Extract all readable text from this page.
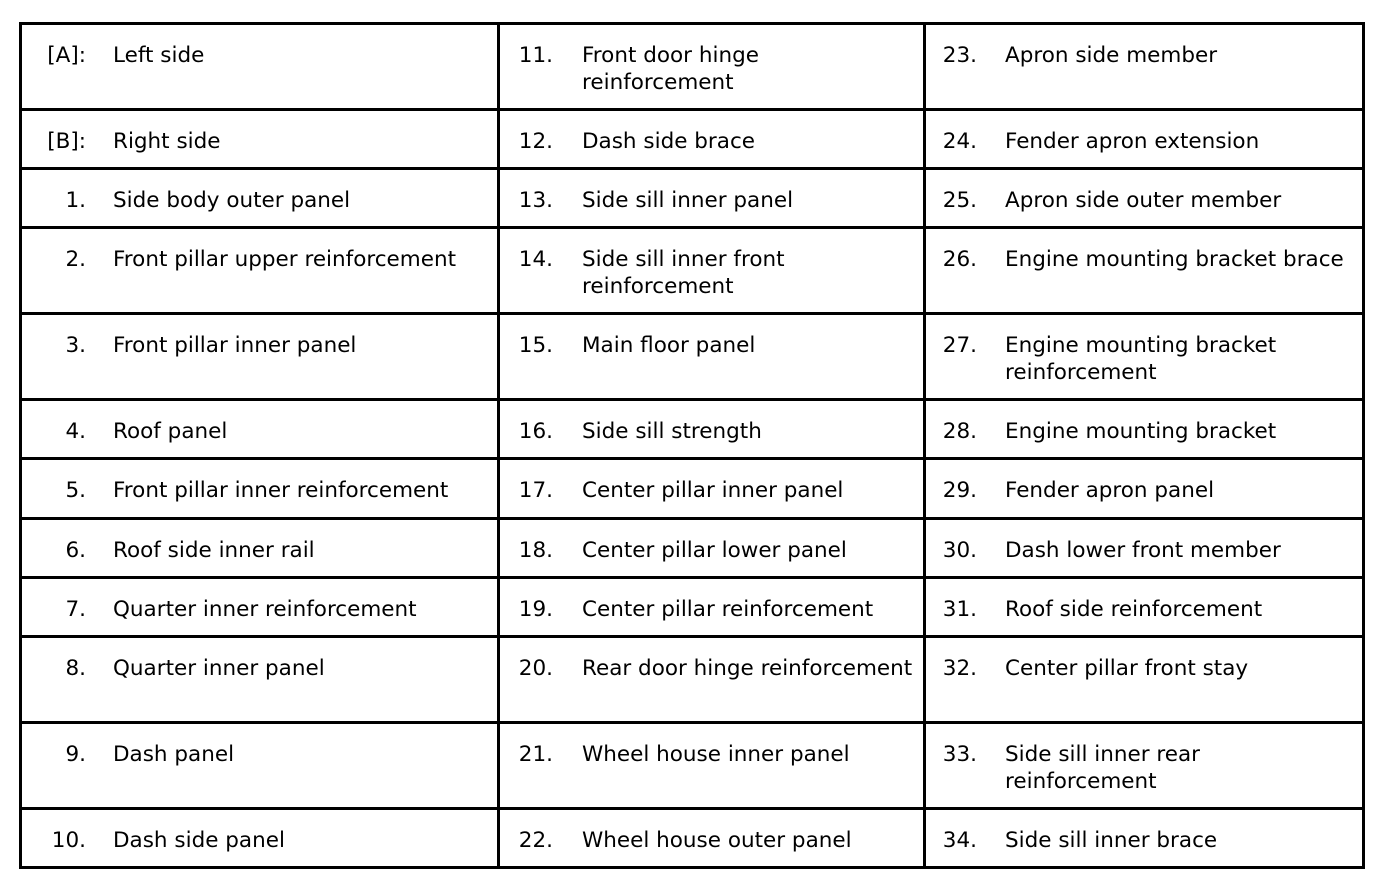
[A]: Left side	11. Front door hinge reinforcement	23. Apron side member

[B]: Right side	12. Dash side brace	24. Fender apron extension

1. Side body outer panel	13. Side sill inner panel	25. Apron side outer member

2. Front pillar upper reinforcement	14. Side sill inner front reinforcement	26. Engine mounting bracket brace

3. Front pillar inner panel	15. Main floor panel	27. Engine mounting bracket reinforcement

4. Roof panel	16. Side sill strength	28. Engine mounting bracket

5. Front pillar inner reinforcement	17. Center pillar inner panel	29. Fender apron panel

6. Roof side inner rail	18. Center pillar lower panel	30. Dash lower front member

7. Quarter inner reinforcement	19. Center pillar reinforcement	31. Roof side reinforcement

8. Quarter inner panel	20. Rear door hinge reinforcement	32. Center pillar front stay

9. Dash panel	21. Wheel house inner panel	33. Side sill inner rear reinforcement

10. Dash side panel	22. Wheel house outer panel	34. Side sill inner brace
